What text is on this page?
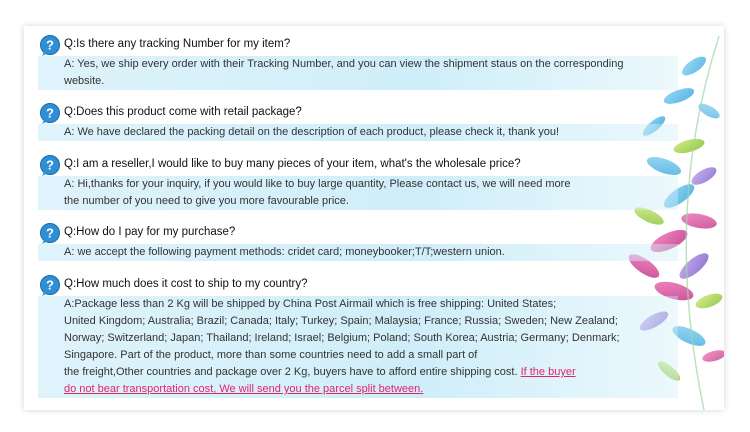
? Q:Is there any tracking Number for my item?
A: Yes, we ship every order with their Tracking Number, and you can view the shipment staus on the corresponding
website.
? Q:Does this product come with retail package?
A: We have declared the packing detail on the description of each product, please check it, thank you!
? Q:I am a reseller,I would like to buy many pieces of your item, what's the wholesale price?
A: Hi,thanks for your inquiry, if you would like to buy large quantity, Please contact us, we will need more
the number of you need to give you more favourable price.
? Q:How do I pay for my purchase?
A: we accept the following payment methods: cridet card; moneybooker;T/T;western union.
? Q:How much does it cost to ship to my country?
A:Package less than 2 Kg will be shipped by China Post Airmail which is free shipping: United States;
United Kingdom; Australia; Brazil; Canada; Italy; Turkey; Spain; Malaysia; France; Russia; Sweden; New Zealand;
Norway; Switzerland; Japan; Thailand; Ireland; Israel; Belgium; Poland; South Korea; Austria; Germany; Denmark;
Singapore. Part of the product, more than some countries need to add a small part of
the freight,Other countries and package over 2 Kg, buyers have to afford entire shipping cost. If the buyer
do not bear transportation cost, We will send you the parcel split between.
